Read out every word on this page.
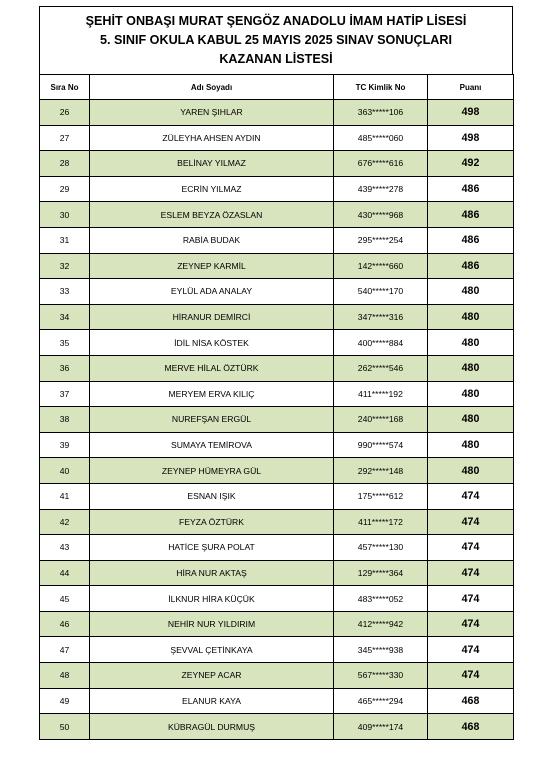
ŞEHİT ONBAŞI MURAT ŞENGÖZ ANADOLU İMAM HATİP LİSESİ
5. SINIF OKULA KABUL 25 MAYIS 2025 SINAV SONUÇLARI
KAZANAN LİSTESİ
Sıra No	Adı Soyadı	TC Kimlik No	Puanı
26	YAREN ŞIHLAR	363*****106	498
27	ZÜLEYHA AHSEN AYDIN	485*****060	498
28	BELİNAY YILMAZ	676*****616	492
29	ECRİN YILMAZ	439*****278	486
30	ESLEM BEYZA ÖZASLAN	430*****968	486
31	RABİA BUDAK	295*****254	486
32	ZEYNEP KARMİL	142*****660	486
33	EYLÜL ADA ANALAY	540*****170	480
34	HİRANUR DEMİRCİ	347*****316	480
35	İDİL NİSA KÖSTEK	400*****884	480
36	MERVE HİLAL ÖZTÜRK	262*****546	480
37	MERYEM ERVA KILIÇ	411*****192	480
38	NUREFŞAN ERGÜL	240*****168	480
39	SUMAYA TEMİROVA	990*****574	480
40	ZEYNEP HÜMEYRA GÜL	292*****148	480
41	ESNAN IŞIK	175*****612	474
42	FEYZA ÖZTÜRK	411*****172	474
43	HATİCE ŞURA POLAT	457*****130	474
44	HİRA NUR AKTAŞ	129*****364	474
45	İLKNUR HİRA KÜÇÜK	483*****052	474
46	NEHİR NUR YILDIRIM	412*****942	474
47	ŞEVVAL ÇETİNKAYA	345*****938	474
48	ZEYNEP ACAR	567*****330	474
49	ELANUR KAYA	465*****294	468
50	KÜBRAGÜL DURMUŞ	409*****174	468
